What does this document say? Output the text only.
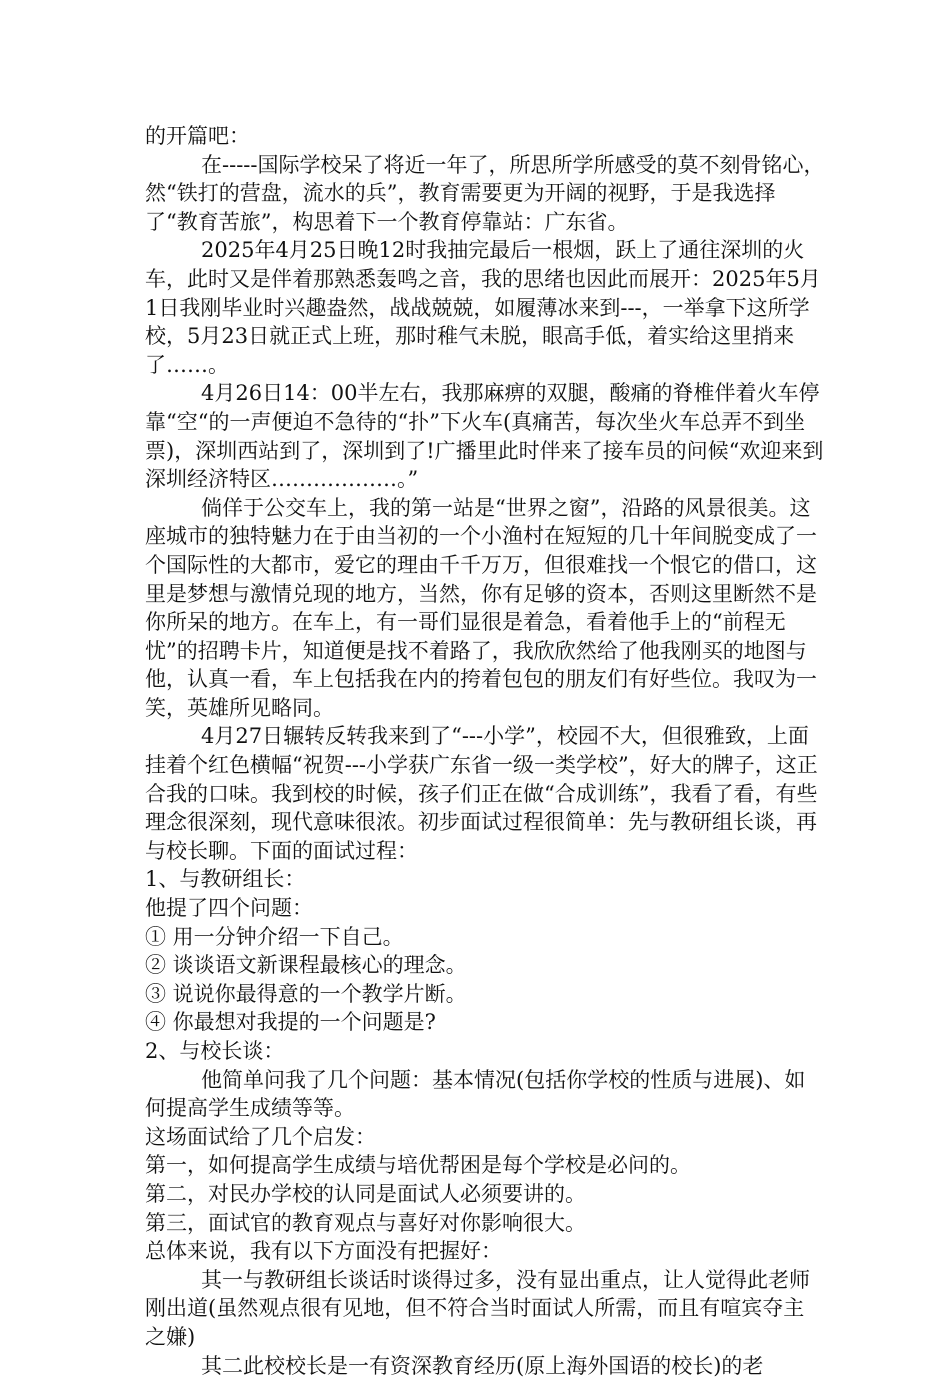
的开篇吧：

在-----国际学校呆了将近一年了，所思所学所感受的莫不刻骨铭心，然“铁打的营盘，流水的兵”，教育需要更为开阔的视野，于是我选择了“教育苦旅”，构思着下一个教育停靠站：广东省。

2025年4月25日晚12时我抽完最后一根烟，跃上了通往深圳的火车，此时又是伴着那熟悉轰鸣之音，我的思绪也因此而展开：2025年5月1日我刚毕业时兴趣盎然，战战兢兢，如履薄冰来到---，一举拿下这所学校，5月23日就正式上班，那时稚气未脱，眼高手低，着实给这里捎来了……。

4月26日14：00半左右，我那麻痹的双腿，酸痛的脊椎伴着火车停靠“空“的一声便迫不急待的“扑”下火车(真痛苦，每次坐火车总弄不到坐票)，深圳西站到了，深圳到了!广播里此时伴来了接车员的问候“欢迎来到深圳经济特区………………。”

倘佯于公交车上，我的第一站是“世界之窗”，沿路的风景很美。这座城市的独特魅力在于由当初的一个小渔村在短短的几十年间脱变成了一个国际性的大都市，爱它的理由千千万万，但很难找一个恨它的借口，这里是梦想与激情兑现的地方，当然，你有足够的资本，否则这里断然不是你所呆的地方。在车上，有一哥们显很是着急，看着他手上的“前程无忧”的招聘卡片，知道便是找不着路了，我欣欣然给了他我刚买的地图与他，认真一看，车上包括我在内的挎着包包的朋友们有好些位。我叹为一笑，英雄所见略同。

4月27日辗转反转我来到了“---小学”，校园不大，但很雅致，上面挂着个红色横幅“祝贺---小学获广东省一级一类学校”，好大的牌子，这正合我的口味。我到校的时候，孩子们正在做“合成训练”，我看了看，有些理念很深刻，现代意味很浓。初步面试过程很简单：先与教研组长谈，再与校长聊。下面的面试过程：

1、与教研组长：

他提了四个问题：

① 用一分钟介绍一下自己。

② 谈谈语文新课程最核心的理念。

③ 说说你最得意的一个教学片断。

④ 你最想对我提的一个问题是?

2、与校长谈：

他简单问我了几个问题：基本情况(包括你学校的性质与进展)、如何提高学生成绩等等。

这场面试给了几个启发：

第一，如何提高学生成绩与培优帮困是每个学校是必问的。

第二，对民办学校的认同是面试人必须要讲的。

第三，面试官的教育观点与喜好对你影响很大。

总体来说，我有以下方面没有把握好：

其一与教研组长谈话时谈得过多，没有显出重点，让人觉得此老师刚出道(虽然观点很有见地，但不符合当时面试人所需，而且有喧宾夺主之嫌)

其二此校校长是一有资深教育经历(原上海外国语的校长)的老
